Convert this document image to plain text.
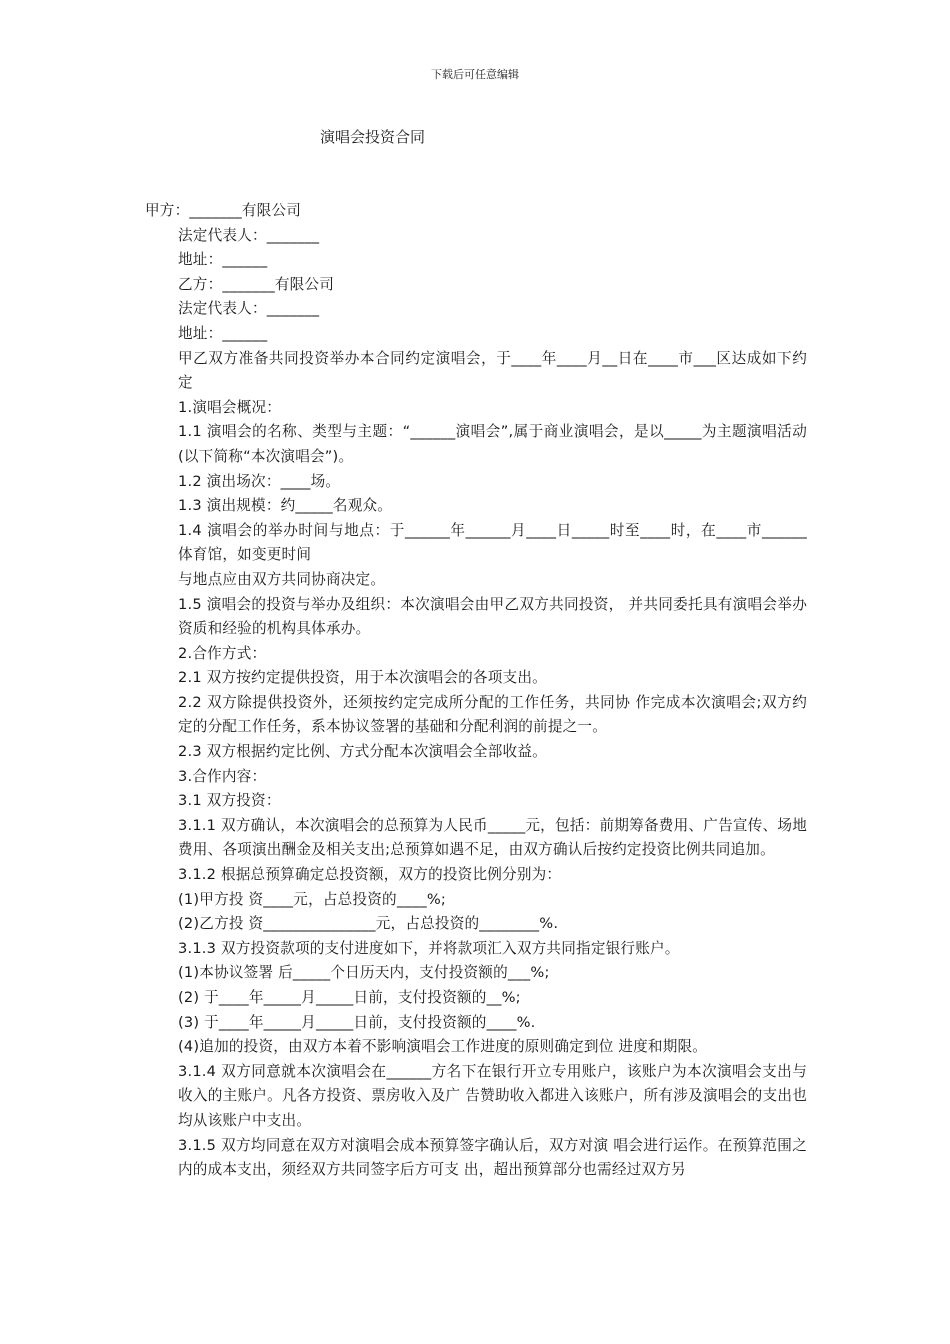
下载后可任意编辑
演唱会投资合同

甲方：_______有限公司

法定代表人：_______

地址：______

乙方：_______有限公司

法定代表人：_______

地址：______

甲乙双方准备共同投资举办本合同约定演唱会，于____年____月__日在____市___区达成如下约定

1.演唱会概况：

1.1 演唱会的名称、类型与主题：“______演唱会”,属于商业演唱会，是以_____为主题演唱活动(以下简称“本次演唱会”)。

1.2 演出场次：____场。

1.3 演出规模：约_____名观众。

1.4 演唱会的举办时间与地点：于______年______月____日_____时至____时，在____市______体育馆，如变更时间

与地点应由双方共同协商决定。

1.5 演唱会的投资与举办及组织：本次演唱会由甲乙双方共同投资， 并共同委托具有演唱会举办资质和经验的机构具体承办。

2.合作方式：

2.1 双方按约定提供投资，用于本次演唱会的各项支出。

2.2 双方除提供投资外，还须按约定完成所分配的工作任务，共同协 作完成本次演唱会;双方约定的分配工作任务，系本协议签署的基础和分配利润的前提之一。

2.3 双方根据约定比例、方式分配本次演唱会全部收益。

3.合作内容：

3.1 双方投资：

3.1.1 双方确认，本次演唱会的总预算为人民币_____元，包括：前期筹备费用、广告宣传、场地费用、各项演出酬金及相关支出;总预算如遇不足，由双方确认后按约定投资比例共同追加。

3.1.2 根据总预算确定总投资额，双方的投资比例分别为：

(1)甲方投 资____元，占总投资的____%;

(2)乙方投 资_______________元，占总投资的________%.

3.1.3 双方投资款项的支付进度如下，并将款项汇入双方共同指定银行账户。

(1)本协议签署 后_____个日历天内，支付投资额的___%;

(2) 于____年_____月_____日前，支付投资额的__%;

(3) 于____年_____月_____日前，支付投资额的____%.

(4)追加的投资，由双方本着不影响演唱会工作进度的原则确定到位 进度和期限。

3.1.4 双方同意就本次演唱会在______方名下在银行开立专用账户，该账户为本次演唱会支出与收入的主账户。凡各方投资、票房收入及广 告赞助收入都进入该账户，所有涉及演唱会的支出也均从该账户中支出。

3.1.5 双方均同意在双方对演唱会成本预算签字确认后，双方对演 唱会进行运作。在预算范围之内的成本支出，须经双方共同签字后方可支 出，超出预算部分也需经过双方另
